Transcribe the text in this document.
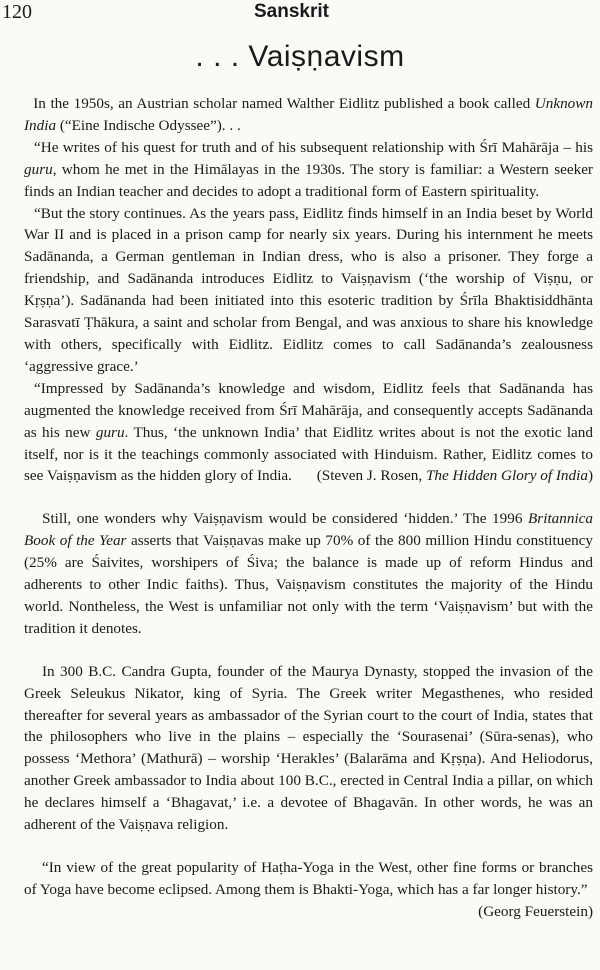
120	Sanskrit
. . . Vaiṣṇavism

In the 1950s, an Austrian scholar named Walther Eidlitz published a book called Unknown India (“Eine Indische Odyssee”). . .

“He writes of his quest for truth and of his subsequent relationship with Śrī Mahārāja – his guru, whom he met in the Himālayas in the 1930s. The story is familiar: a Western seeker finds an Indian teacher and decides to adopt a traditional form of Eastern spirituality.

“But the story continues. As the years pass, Eidlitz finds himself in an India beset by World War II and is placed in a prison camp for nearly six years. During his internment he meets Sadānanda, a German gentleman in Indian dress, who is also a prisoner. They forge a friendship, and Sadānanda introduces Eidlitz to Vaiṣṇavism (‘the worship of Viṣṇu, or Kṛṣṇa’). Sadānanda had been initiated into this esoteric tradition by Śrīla Bhaktisiddhānta Sarasvatī Ṭhākura, a saint and scholar from Bengal, and was anxious to share his knowledge with others, specifically with Eidlitz. Eidlitz comes to call Sadānanda’s zealousness ‘aggressive grace.’

“Impressed by Sadānanda’s knowledge and wisdom, Eidlitz feels that Sadānanda has augmented the knowledge received from Śrī Mahārāja, and consequently accepts Sadānanda as his new guru. Thus, ‘the unknown India’ that Eidlitz writes about is not the exotic land itself, nor is it the teachings commonly associated with Hinduism. Rather, Eidlitz comes to see Vaiṣṇavism as the hidden glory of India.	(Steven J. Rosen, The Hidden Glory of India)

Still, one wonders why Vaiṣṇavism would be considered ‘hidden.’ The 1996 Britannica Book of the Year asserts that Vaiṣṇavas make up 70% of the 800 million Hindu constituency (25% are Śaivites, worshipers of Śiva; the balance is made up of reform Hindus and adherents to other Indic faiths). Thus, Vaiṣṇavism constitutes the majority of the Hindu world. Nontheless, the West is unfamiliar not only with the term ‘Vaiṣṇavism’ but with the tradition it denotes.

In 300 B.C. Candra Gupta, founder of the Maurya Dynasty, stopped the invasion of the Greek Seleukus Nikator, king of Syria. The Greek writer Megasthenes, who resided thereafter for several years as ambassador of the Syrian court to the court of India, states that the philosophers who live in the plains – especially the ‘Sourasenai’ (Sūra-senas), who possess ‘Methora’ (Mathurā) – worship ‘Herakles’ (Balarāma and Kṛṣṇa). And Heliodorus, another Greek ambassador to India about 100 B.C., erected in Central India a pillar, on which he declares himself a ‘Bhagavat,’ i.e. a devotee of Bhagavān. In other words, he was an adherent of the Vaiṣṇava religion.

“In view of the great popularity of Haṭha-Yoga in the West, other fine forms or branches of Yoga have become eclipsed. Among them is Bhakti-Yoga, which has a far longer history.”
(Georg Feuerstein)
